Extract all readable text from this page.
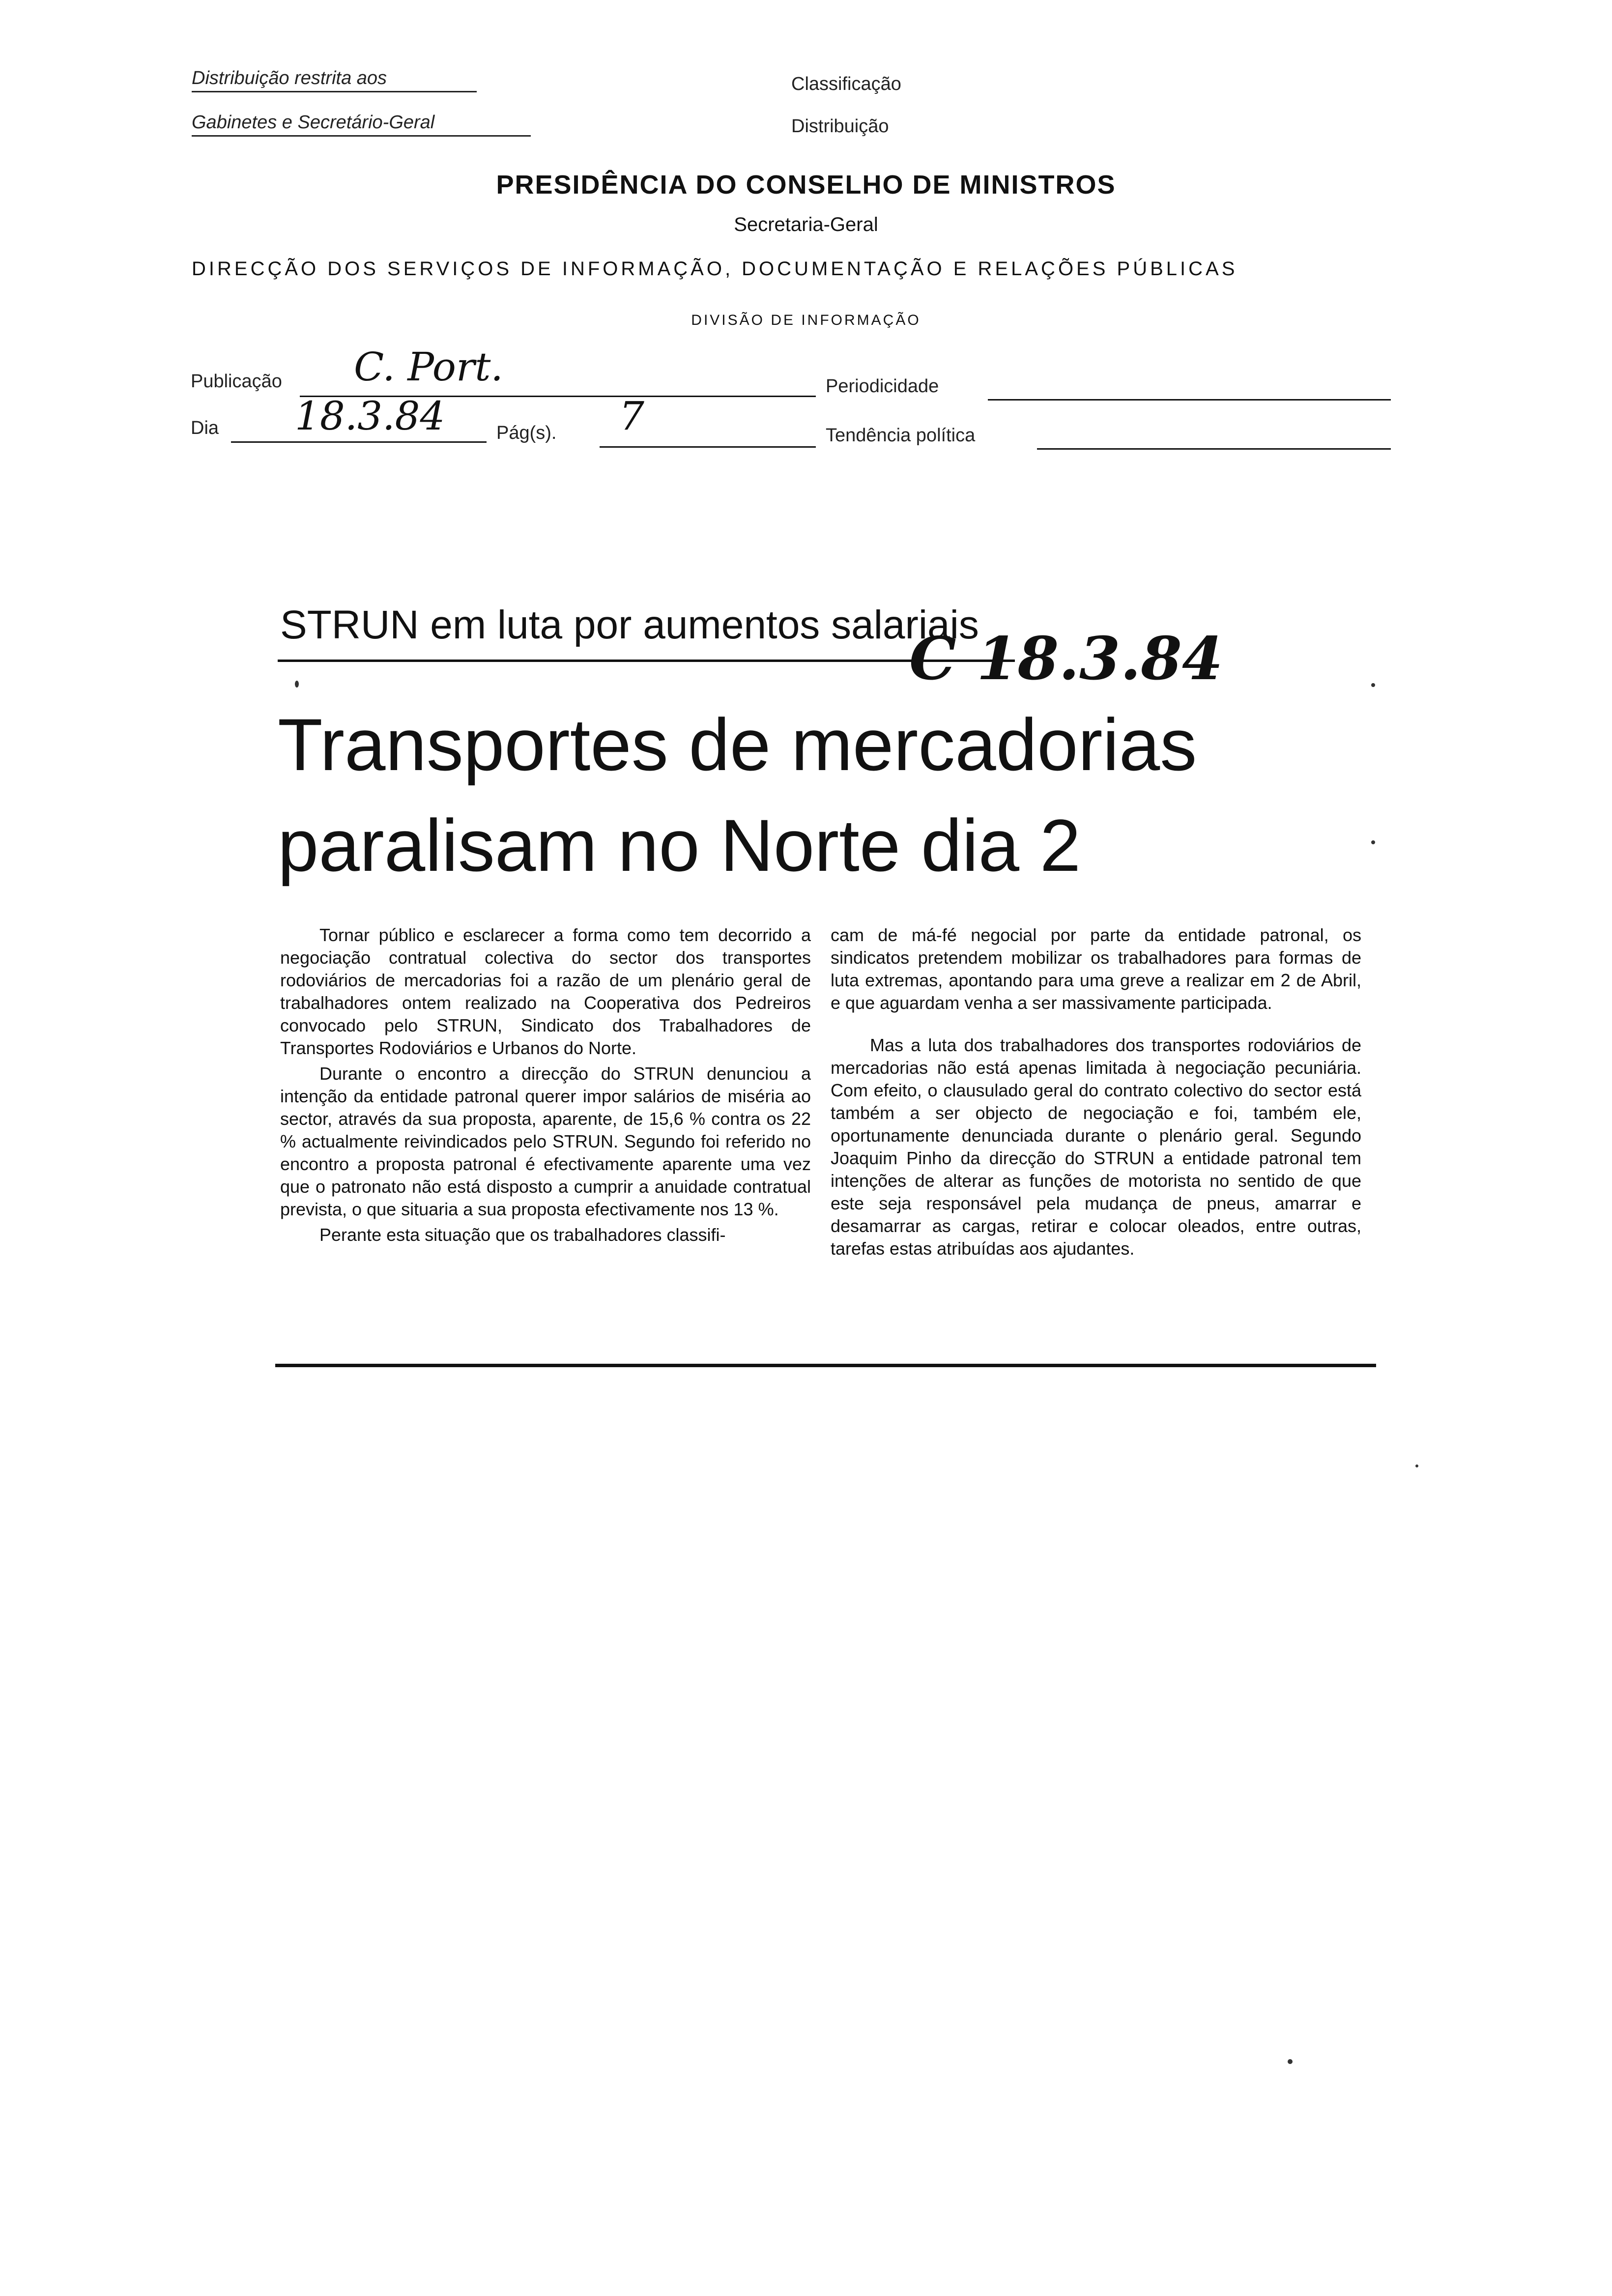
Distribuição restrita aos
Gabinetes e Secretário-Geral
Classificação
Distribuição
PRESIDÊNCIA DO CONSELHO DE MINISTROS
Secretaria-Geral
DIRECÇÃO DOS SERVIÇOS DE INFORMAÇÃO, DOCUMENTAÇÃO E RELAÇÕES PÚBLICAS
DIVISÃO DE INFORMAÇÃO
Publicação C. Port.	Periodicidade
Dia 18.3.84	Pág(s). 7	Tendência política
STRUN em luta por aumentos salariais
C 18.3.84
Transportes de mercadorias
paralisam no Norte dia 2

Tornar público e esclarecer a forma como tem decorrido a negociação contratual colectiva do sector dos transportes rodoviários de mercadorias foi a razão de um plenário geral de trabalhadores ontem realizado na Cooperativa dos Pedreiros convocado pelo STRUN, Sindicato dos Trabalhadores de Transportes Rodoviários e Urbanos do Norte.

Durante o encontro a direcção do STRUN denunciou a intenção da entidade patronal querer impor salários de miséria ao sector, através da sua proposta, aparente, de 15,6 % contra os 22 % actualmente reivindicados pelo STRUN. Segundo foi referido no encontro a proposta patronal é efectivamente aparente uma vez que o patronato não está disposto a cumprir a anuidade contratual prevista, o que situaria a sua proposta efectivamente nos 13 %.

Perante esta situação que os trabalhadores classifi-

cam de má-fé negocial por parte da entidade patronal, os sindicatos pretendem mobilizar os trabalhadores para formas de luta extremas, apontando para uma greve a realizar em 2 de Abril, e que aguardam venha a ser massivamente participada.

Mas a luta dos trabalhadores dos transportes rodoviários de mercadorias não está apenas limitada à negociação pecuniária. Com efeito, o clausulado geral do contrato colectivo do sector está também a ser objecto de negociação e foi, também ele, oportunamente denunciada durante o plenário geral. Segundo Joaquim Pinho da direcção do STRUN a entidade patronal tem intenções de alterar as funções de motorista no sentido de que este seja responsável pela mudança de pneus, amarrar e desamarrar as cargas, retirar e colocar oleados, entre outras, tarefas estas atribuídas aos ajudantes.
